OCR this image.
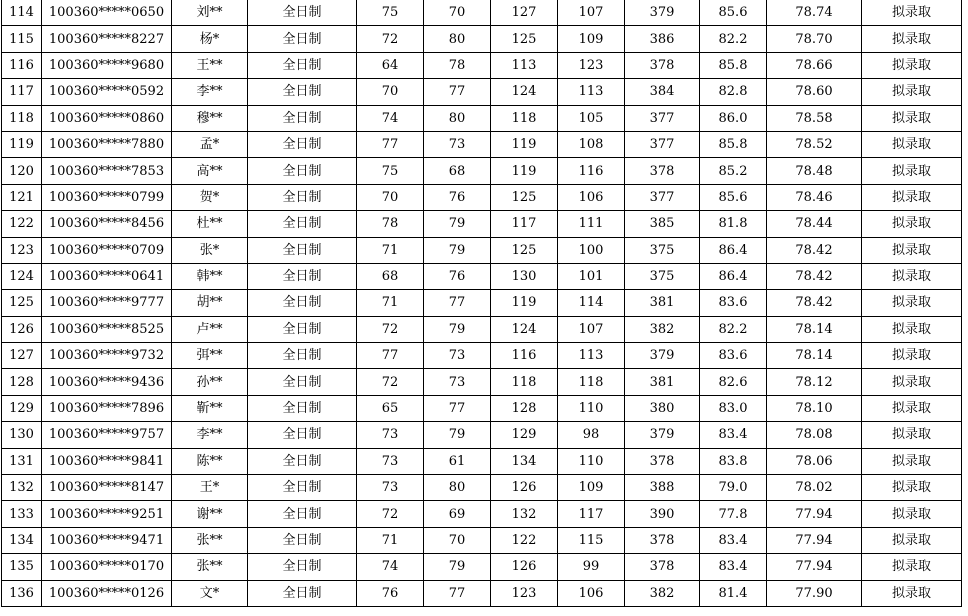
114	100360*****0650	刘**	全日制	75	70	127	107	379	85.6	78.74	拟录取
115	100360*****8227	杨*	全日制	72	80	125	109	386	82.2	78.70	拟录取
116	100360*****9680	王**	全日制	64	78	113	123	378	85.8	78.66	拟录取
117	100360*****0592	李**	全日制	70	77	124	113	384	82.8	78.60	拟录取
118	100360*****0860	穆**	全日制	74	80	118	105	377	86.0	78.58	拟录取
119	100360*****7880	孟*	全日制	77	73	119	108	377	85.8	78.52	拟录取
120	100360*****7853	高**	全日制	75	68	119	116	378	85.2	78.48	拟录取
121	100360*****0799	贺*	全日制	70	76	125	106	377	85.6	78.46	拟录取
122	100360*****8456	杜**	全日制	78	79	117	111	385	81.8	78.44	拟录取
123	100360*****0709	张*	全日制	71	79	125	100	375	86.4	78.42	拟录取
124	100360*****0641	韩**	全日制	68	76	130	101	375	86.4	78.42	拟录取
125	100360*****9777	胡**	全日制	71	77	119	114	381	83.6	78.42	拟录取
126	100360*****8525	卢**	全日制	72	79	124	107	382	82.2	78.14	拟录取
127	100360*****9732	弭**	全日制	77	73	116	113	379	83.6	78.14	拟录取
128	100360*****9436	孙**	全日制	72	73	118	118	381	82.6	78.12	拟录取
129	100360*****7896	靳**	全日制	65	77	128	110	380	83.0	78.10	拟录取
130	100360*****9757	李**	全日制	73	79	129	98	379	83.4	78.08	拟录取
131	100360*****9841	陈**	全日制	73	61	134	110	378	83.8	78.06	拟录取
132	100360*****8147	王*	全日制	73	80	126	109	388	79.0	78.02	拟录取
133	100360*****9251	谢**	全日制	72	69	132	117	390	77.8	77.94	拟录取
134	100360*****9471	张**	全日制	71	70	122	115	378	83.4	77.94	拟录取
135	100360*****0170	张**	全日制	74	79	126	99	378	83.4	77.94	拟录取
136	100360*****0126	文*	全日制	76	77	123	106	382	81.4	77.90	拟录取
